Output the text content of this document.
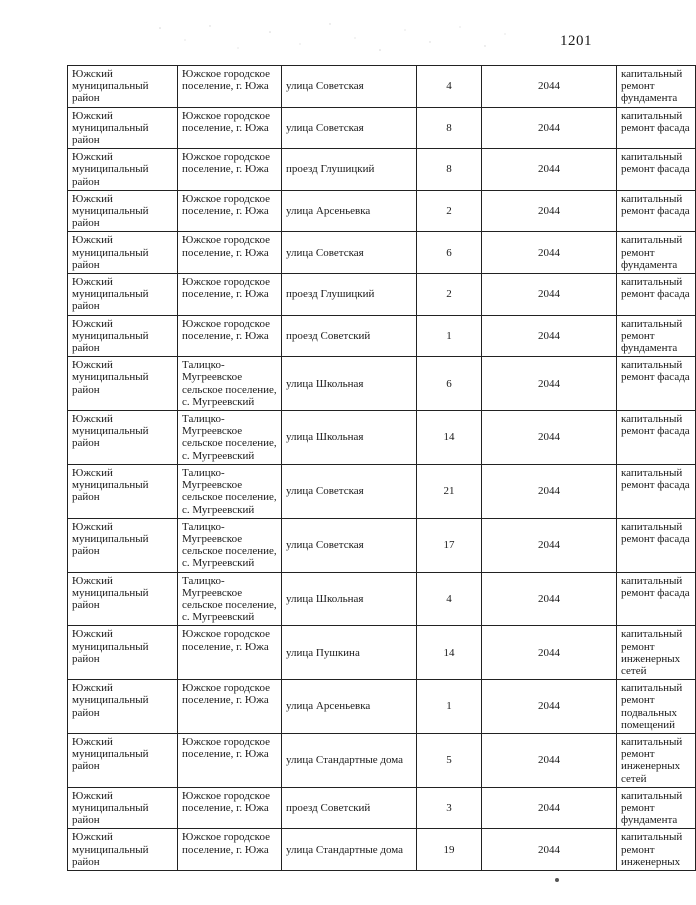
1201
Южский муниципальный район	Южское городское поселение, г. Южа	улица Советская	4	2044	капитальный ремонт фундамента
Южский муниципальный район	Южское городское поселение, г. Южа	улица Советская	8	2044	капитальный ремонт фасада
Южский муниципальный район	Южское городское поселение, г. Южа	проезд Глушицкий	8	2044	капитальный ремонт фасада
Южский муниципальный район	Южское городское поселение, г. Южа	улица Арсеньевка	2	2044	капитальный ремонт фасада
Южский муниципальный район	Южское городское поселение, г. Южа	улица Советская	6	2044	капитальный ремонт фундамента
Южский муниципальный район	Южское городское поселение, г. Южа	проезд Глушицкий	2	2044	капитальный ремонт фасада
Южский муниципальный район	Южское городское поселение, г. Южа	проезд Советский	1	2044	капитальный ремонт фундамента
Южский муниципальный район	Талицко-Мугреевское сельское поселение, с. Мугреевский	улица Школьная	6	2044	капитальный ремонт фасада
Южский муниципальный район	Талицко-Мугреевское сельское поселение, с. Мугреевский	улица Школьная	14	2044	капитальный ремонт фасада
Южский муниципальный район	Талицко-Мугреевское сельское поселение, с. Мугреевский	улица Советская	21	2044	капитальный ремонт фасада
Южский муниципальный район	Талицко-Мугреевское сельское поселение, с. Мугреевский	улица Советская	17	2044	капитальный ремонт фасада
Южский муниципальный район	Талицко-Мугреевское сельское поселение, с. Мугреевский	улица Школьная	4	2044	капитальный ремонт фасада
Южский муниципальный район	Южское городское поселение, г. Южа	улица Пушкина	14	2044	капитальный ремонт инженерных сетей
Южский муниципальный район	Южское городское поселение, г. Южа	улица Арсеньевка	1	2044	капитальный ремонт подвальных помещений
Южский муниципальный район	Южское городское поселение, г. Южа	улица Стандартные дома	5	2044	капитальный ремонт инженерных сетей
Южский муниципальный район	Южское городское поселение, г. Южа	проезд Советский	3	2044	капитальный ремонт фундамента
Южский муниципальный район	Южское городское поселение, г. Южа	улица Стандартные дома	19	2044	капитальный ремонт инженерных
